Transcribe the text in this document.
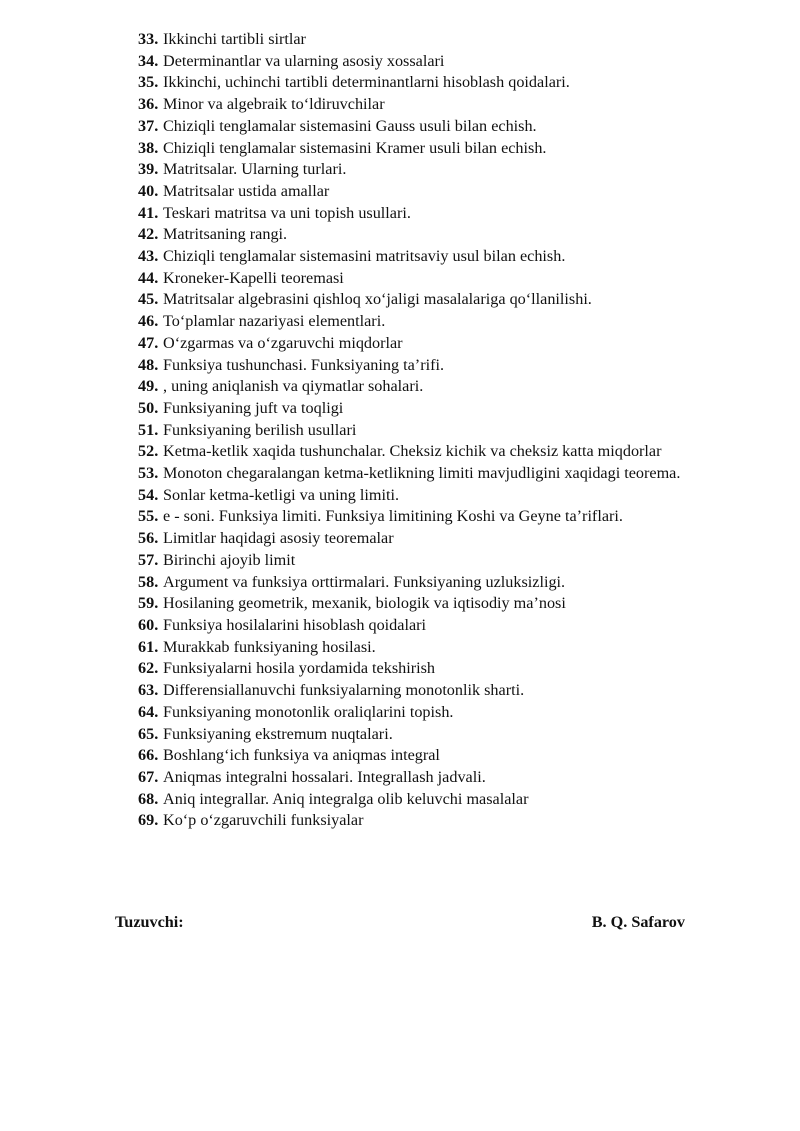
33. Ikkinchi tartibli sirtlar
34. Determinantlar va ularning asosiy xossalari
35. Ikkinchi, uchinchi tartibli determinantlarni hisoblash qoidalari.
36. Minor va algebraik to‘ldiruvchilar
37. Chiziqli tenglamalar sistemasini Gauss usuli bilan echish.
38. Chiziqli tenglamalar sistemasini Kramer usuli bilan echish.
39. Matritsalar. Ularning turlari.
40. Matritsalar ustida amallar
41. Teskari matritsa va uni topish usullari.
42. Matritsaning rangi.
43. Chiziqli tenglamalar sistemasini matritsaviy usul bilan echish.
44. Kroneker-Kapelli teoremasi
45. Matritsalar algebrasini qishloq xo‘jaligi masalalariga qo‘llanilishi.
46. To‘plamlar nazariyasi elementlari.
47. O‘zgarmas va o‘zgaruvchi miqdorlar
48. Funksiya tushunchasi. Funksiyaning ta’rifi.
49. , uning aniqlanish va qiymatlar sohalari.
50. Funksiyaning juft va toqligi
51. Funksiyaning berilish usullari
52. Ketma-ketlik xaqida tushunchalar. Cheksiz kichik va cheksiz katta miqdorlar
53. Monoton chegaralangan ketma-ketlikning limiti mavjudligini xaqidagi teorema.
54. Sonlar ketma-ketligi va uning limiti.
55. e - soni. Funksiya limiti. Funksiya limitining Koshi va Geyne ta’riflari.
56. Limitlar haqidagi asosiy teoremalar
57. Birinchi ajoyib limit
58. Argument va funksiya orttirmalari. Funksiyaning uzluksizligi.
59. Hosilaning geometrik, mexanik, biologik va iqtisodiy ma’nosi
60. Funksiya hosilalarini hisoblash qoidalari
61. Murakkab funksiyaning hosilasi.
62. Funksiyalarni hosila yordamida tekshirish
63. Differensiallanuvchi funksiyalarning monotonlik sharti.
64. Funksiyaning monotonlik oraliqlarini topish.
65. Funksiyaning ekstremum nuqtalari.
66. Boshlang‘ich funksiya va aniqmas integral
67. Aniqmas integralni hossalari. Integrallash jadvali.
68. Aniq integrallar. Aniq integralga olib keluvchi masalalar
69. Ko‘p o‘zgaruvchili funksiyalar
Tuzuvchi:	B. Q. Safarov
